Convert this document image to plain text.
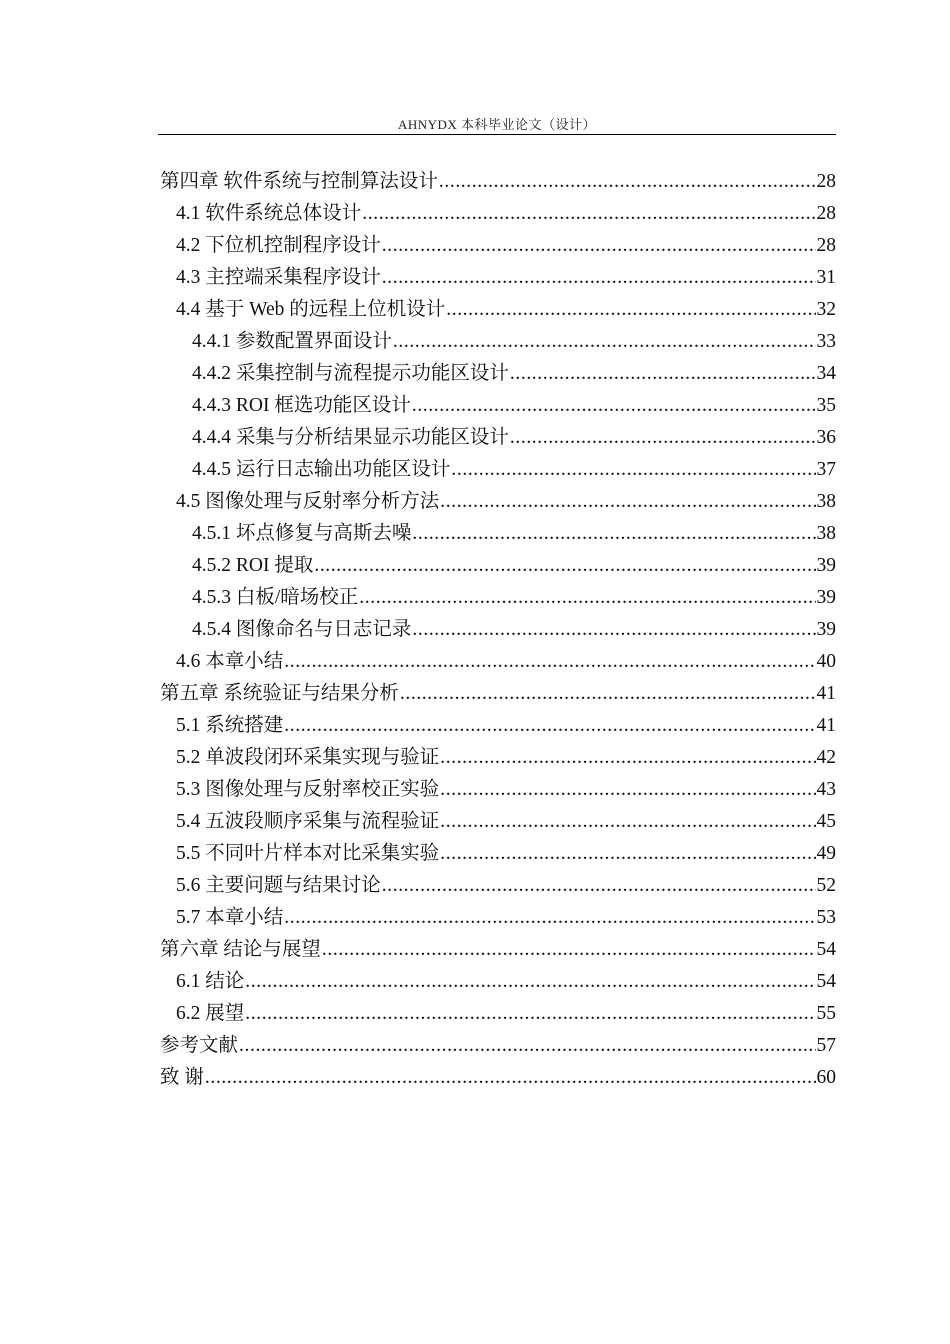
AHNYDX 本科毕业论文（设计）
第四章 软件系统与控制算法设计 .....	28
4.1 软件系统总体设计 .....	28
4.2 下位机控制程序设计 .....	28
4.3 主控端采集程序设计 .....	31
4.4 基于 Web 的远程上位机设计 .....	32
4.4.1 参数配置界面设计 .....	33
4.4.2 采集控制与流程提示功能区设计 .....	34
4.4.3 ROI 框选功能区设计 .....	35
4.4.4 采集与分析结果显示功能区设计 .....	36
4.4.5 运行日志输出功能区设计 .....	37
4.5 图像处理与反射率分析方法 .....	38
4.5.1 坏点修复与高斯去噪 .....	38
4.5.2 ROI 提取 .....	39
4.5.3 白板/暗场校正 .....	39
4.5.4 图像命名与日志记录 .....	39
4.6 本章小结 .....	40
第五章 系统验证与结果分析 .....	41
5.1 系统搭建 .....	41
5.2 单波段闭环采集实现与验证 .....	42
5.3 图像处理与反射率校正实验 .....	43
5.4 五波段顺序采集与流程验证 .....	45
5.5 不同叶片样本对比采集实验 .....	49
5.6 主要问题与结果讨论 .....	52
5.7 本章小结 .....	53
第六章 结论与展望 .....	54
6.1 结论 .....	54
6.2 展望 .....	55
参考文献 .....	57
致 谢 .....	60
